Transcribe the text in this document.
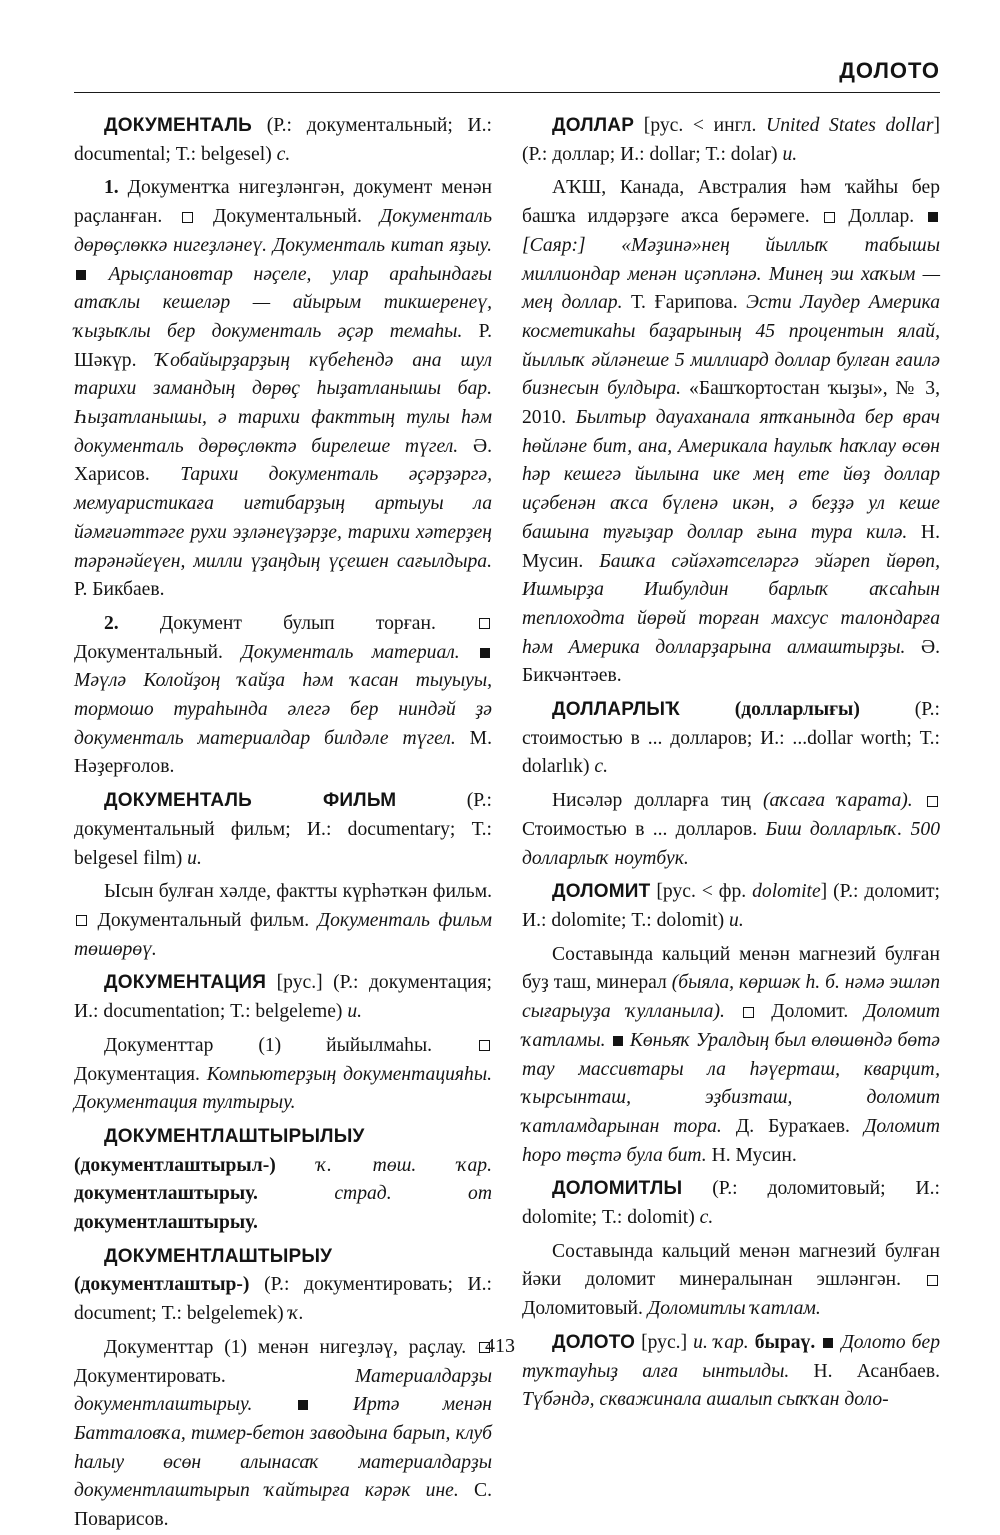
ДОЛОТО

ДОКУМЕНТАЛЬ (Р.: документальный; И.: documental; Т.: belgesel) с.

1. Документҡа нигеҙләнгән, документ менән раҫланған.  Документальный. Документаль дөрөҫлөккә нигеҙләнеү. Документаль китап яҙыу.  Арыҫлановтар нәҫеле, улар араһындағы атаҡлы кешеләр — айырым тикшеренеү, ҡыҙыҡлы бер документаль әҫәр темаһы. Р. Шәкүр. Ҡобайырҙарҙың күбеһендә ана шул тарихи замандың дөрөҫ һыҙатланышы бар. Һыҙатланышы, ә тарихи факттың тулы һәм документаль дөрөҫлөктә бирелеше түгел. Ә. Харисов. Тарихи документаль әҫәрҙәргә, мемуаристикаға иғтибарҙың артыуы ла йәмғиәттәге рухи эҙләнеүҙәрҙе, тарихи хәтерҙең тәрәнәйеүен, милли үҙаңдың үҫешен сағылдыра. Р. Бикбаев.

2. Документ булып торған.  Документальный. Документаль материал.  Мәүлә Колойҙоң ҡайҙа һәм ҡасан тыуыуы, тормошо тураһында әлегә бер ниндәй ҙә документаль материалдар билдәле түгел. М. Нәҙерғолов.

ДОКУМЕНТАЛЬ ФИЛЬМ (Р.: документальный фильм; И.: documentary; Т.: belgesel film) и.

Ысын булған хәлде, фактты күрһәткән фильм.  Документальный фильм. Документаль фильм төшөрөү.

ДОКУМЕНТАЦИЯ [рус.] (Р.: документация; И.: documentation; Т.: belgeleme) и.

Документтар (1) йыйылмаһы.  Документация. Компьютерҙың документацияһы. Документация тултырыу.

ДОКУМЕНТЛАШТЫРЫЛЫУ (документлаштырыл-) ҡ. төш. ҡар. документлаштырыу.	страд. от документлаштырыу.

ДОКУМЕНТЛАШТЫРЫУ (документлаштыр-) (Р.: документировать; И.: document; Т.: belgelemek) ҡ.

Документтар (1) менән нигеҙләү, раҫлау.  Документировать. Материалдарҙы документлаштырыу.	Иртә менән Батталовҡа, тимер-бетон заводына барып, клуб һалыу өсөн алынасаҡ материалдарҙы документлаштырып ҡайтырға кәрәк ине. С. Поварисов.

ДОЛЛАР [рус. < ингл. United States dollar] (Р.: доллар; И.: dollar; Т.: dolar) и.

АҠШ, Канада, Австралия һәм ҡайһы бер башҡа илдәрҙәге аҡса берәмеге.  Доллар.  [Саяр:] «Мәҙинә»нең йыллыҡ табышы миллиондар менән иҫәпләнә. Минең эш хаҡым — мең доллар. Т. Ғарипова. Эсти Лаудер Америка косметикаһы баҙарының 45 процентын ялай, йыллыҡ әйләнеше 5 миллиард доллар булған ғаилә бизнесын булдыра. «Башҡортостан ҡыҙы», № 3, 2010. Былтыр дауаханала ятҡанында бер врач һөйләне бит, ана, Америкала һаулыҡ һаҡлау өсөн һәр кешегә йылына ике мең ете йөҙ доллар иҫәбенән аҡса бүленә икән, ә беҙҙә ул кеше башына туғыҙар доллар ғына тура килә. Н. Мусин. Башҡа сәйәхәтселәргә эйәреп йөрөп, Ишмырҙа Ишбулдин барлыҡ аҡсаһын теплоходта йөрөй торған махсус талондарға һәм Америка долларҙарына алмаштырҙы. Ә. Бикчәнтәев.

ДОЛЛАРЛЫҠ (долларлығы) (Р.: стоимостью в ... долларов; И.: ...dollar worth; Т.: dolarlık) с.

Нисәләр долларға тиң (аҡсаға ҡарата).  Стоимостью в ... долларов. Биш долларлыҡ. 500 долларлыҡ ноутбук.

ДОЛОМИТ [рус. < фр. dolomite] (Р.: доломит; И.: dolomite; Т.: dolomit) и.

Составында кальций менән магнезий булған буҙ таш, минерал (быяла, көршәк һ. б. нәмә эшләп сығарыуҙа ҡулланыла).  Доломит. Доломит ҡатламы. Көньяҡ Уралдың был өлөшөндә бөтә тау массивтары ла һәүерташ, кварцит, ҡырсынташ, эҙбизташ, доломит ҡатламдарынан тора. Д. Бураҡаев. Доломит һоро төҫтә була бит. Н. Мусин.

ДОЛОМИТЛЫ (Р.: доломитовый; И.: dolomite; Т.: dolomit) с.

Составында кальций менән магнезий булған йәки доломит минералынан эшләнгән.  Доломитовый. Доломитлы ҡатлам.

ДОЛОТО [рус.] и. ҡар. быраү. Долото бер туҡтауһыҙ алға ынтылды. Н. Асанбаев. Түбәндә, скважинала ашалып сыҡҡан доло-

413
